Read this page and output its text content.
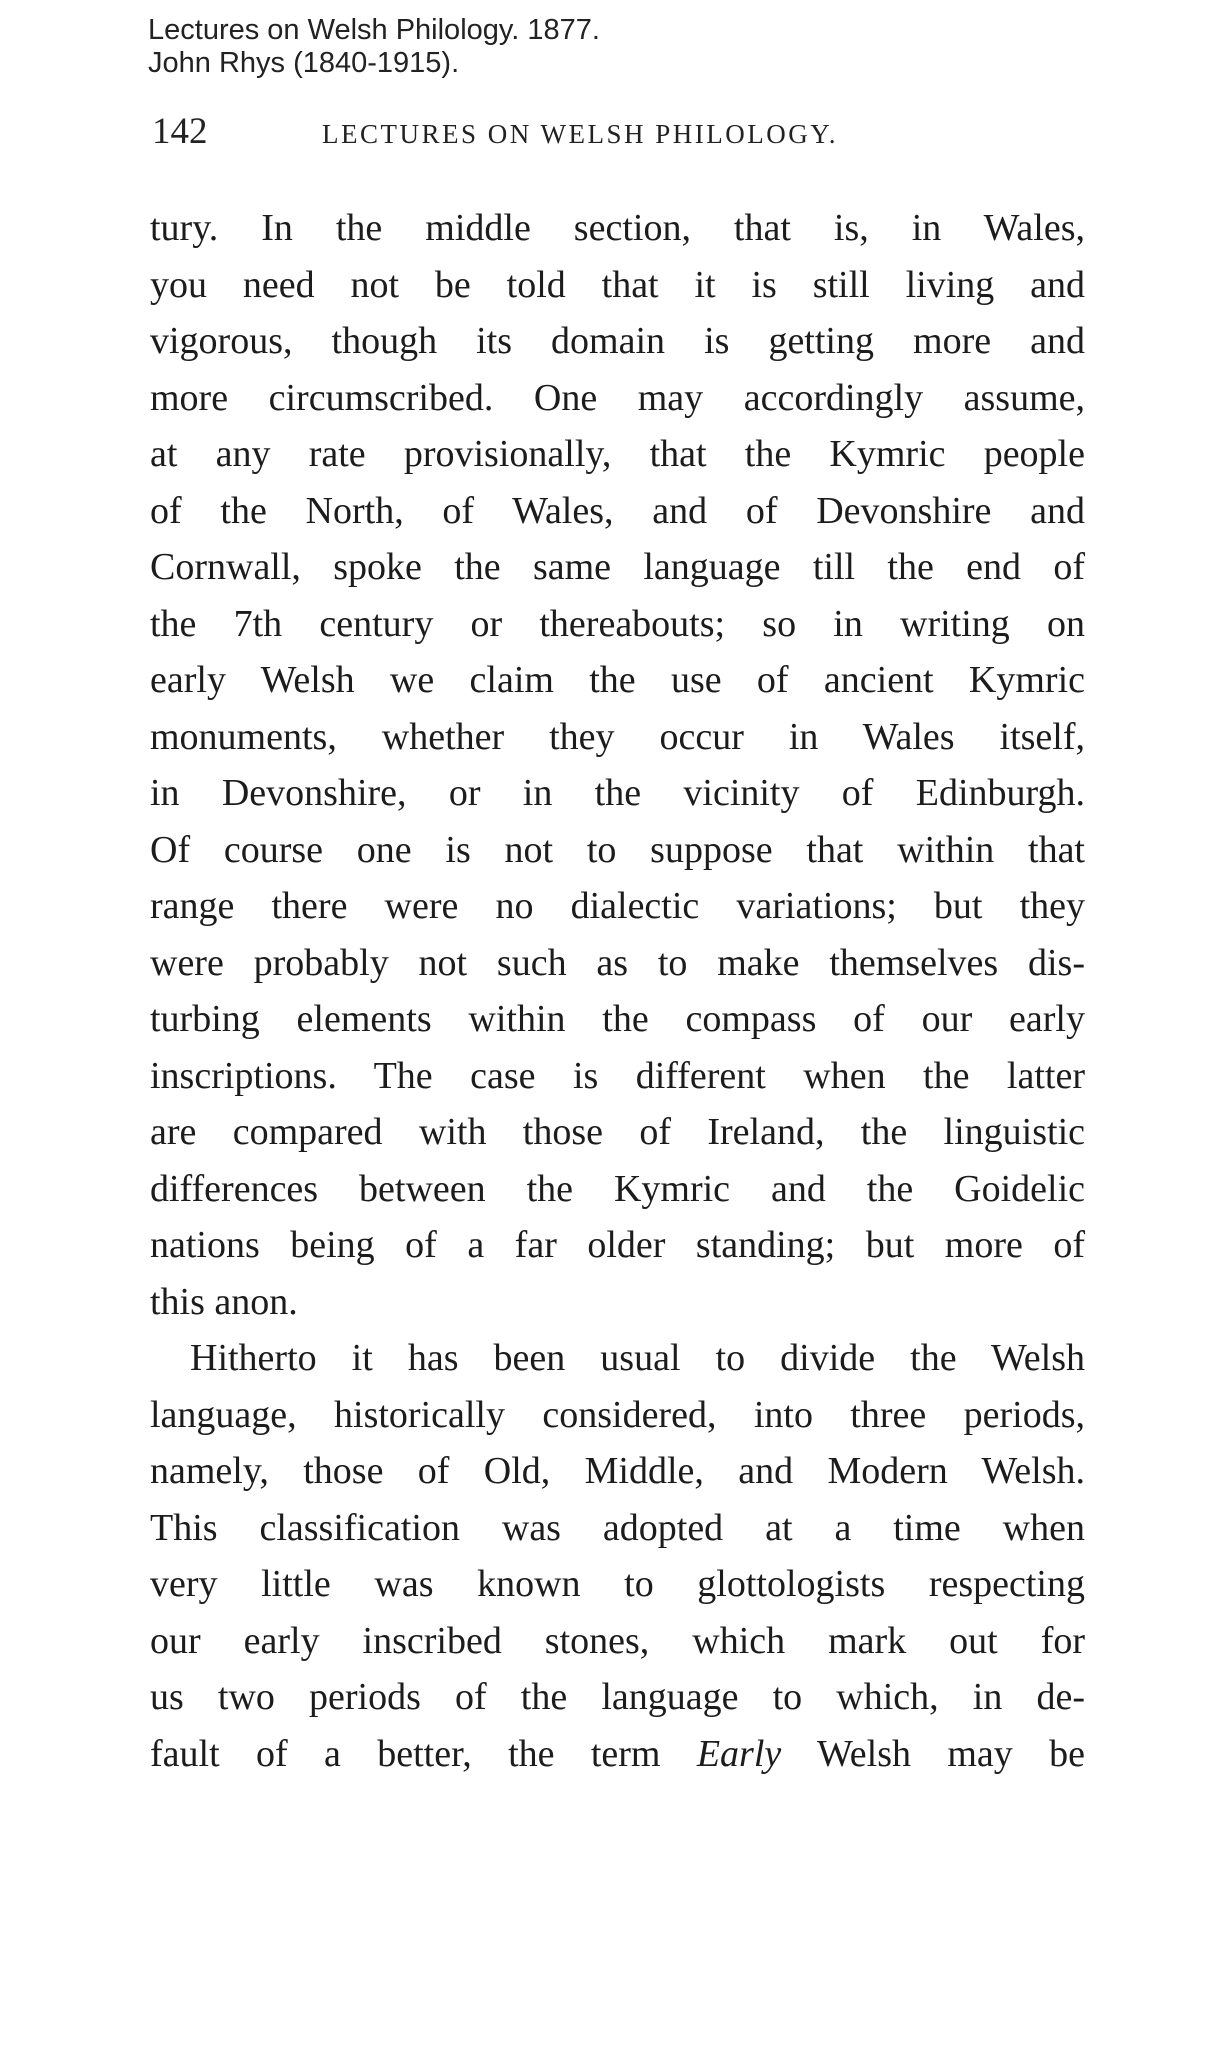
Lectures on Welsh Philology. 1877.
John Rhys (1840-1915).
142	LECTURES ON WELSH PHILOLOGY.
tury. In the middle section, that is, in Wales,
you need not be told that it is still living and
vigorous, though its domain is getting more and
more circumscribed. One may accordingly assume,
at any rate provisionally, that the Kymric people
of the North, of Wales, and of Devonshire and
Cornwall, spoke the same language till the end of
the 7th century or thereabouts; so in writing on
early Welsh we claim the use of ancient Kymric
monuments, whether they occur in Wales itself,
in Devonshire, or in the vicinity of Edinburgh.
Of course one is not to suppose that within that
range there were no dialectic variations; but they
were probably not such as to make themselves dis-
turbing elements within the compass of our early
inscriptions. The case is different when the latter
are compared with those of Ireland, the linguistic
differences between the Kymric and the Goidelic
nations being of a far older standing; but more of
this anon.
Hitherto it has been usual to divide the Welsh
language, historically considered, into three periods,
namely, those of Old, Middle, and Modern Welsh.
This classification was adopted at a time when
very little was known to glottologists respecting
our early inscribed stones, which mark out for
us two periods of the language to which, in de-
fault of a better, the term Early Welsh may be
